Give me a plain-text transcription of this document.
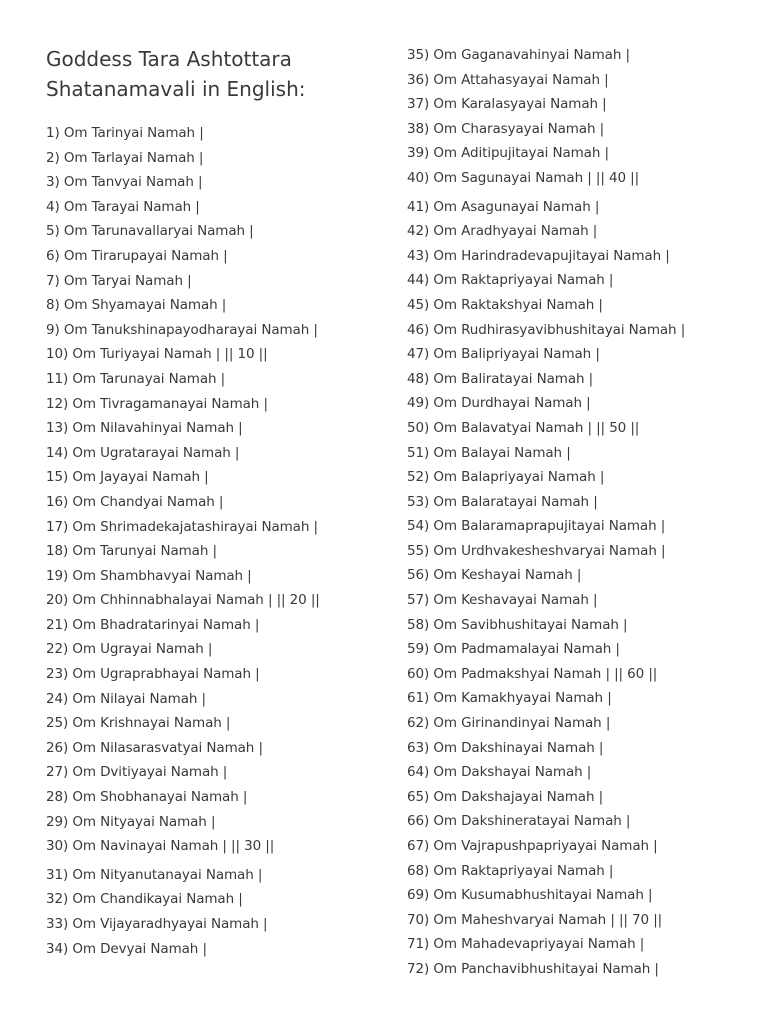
Goddess Tara Ashtottara
Shatanamavali in English:
1) Om Tarinyai Namah |
2) Om Tarlayai Namah |
3) Om Tanvyai Namah |
4) Om Tarayai Namah |
5) Om Tarunavallaryai Namah |
6) Om Tirarupayai Namah |
7) Om Taryai Namah |
8) Om Shyamayai Namah |
9) Om Tanukshinapayodharayai Namah |
10) Om Turiyayai Namah | || 10 ||
11) Om Tarunayai Namah |
12) Om Tivragamanayai Namah |
13) Om Nilavahinyai Namah |
14) Om Ugratarayai Namah |
15) Om Jayayai Namah |
16) Om Chandyai Namah |
17) Om Shrimadekajatashirayai Namah |
18) Om Tarunyai Namah |
19) Om Shambhavyai Namah |
20) Om Chhinnabhalayai Namah | || 20 ||
21) Om Bhadratarinyai Namah |
22) Om Ugrayai Namah |
23) Om Ugraprabhayai Namah |
24) Om Nilayai Namah |
25) Om Krishnayai Namah |
26) Om Nilasarasvatyai Namah |
27) Om Dvitiyayai Namah |
28) Om Shobhanayai Namah |
29) Om Nityayai Namah |
30) Om Navinayai Namah | || 30 ||
31) Om Nityanutanayai Namah |
32) Om Chandikayai Namah |
33) Om Vijayaradhyayai Namah |
34) Om Devyai Namah |
35) Om Gaganavahinyai Namah |
36) Om Attahasyayai Namah |
37) Om Karalasyayai Namah |
38) Om Charasyayai Namah |
39) Om Aditipujitayai Namah |
40) Om Sagunayai Namah | || 40 ||
41) Om Asagunayai Namah |
42) Om Aradhyayai Namah |
43) Om Harindradevapujitayai Namah |
44) Om Raktapriyayai Namah |
45) Om Raktakshyai Namah |
46) Om Rudhirasyavibhushitayai Namah |
47) Om Balipriyayai Namah |
48) Om Baliratayai Namah |
49) Om Durdhayai Namah |
50) Om Balavatyai Namah | || 50 ||
51) Om Balayai Namah |
52) Om Balapriyayai Namah |
53) Om Balaratayai Namah |
54) Om Balaramaprapujitayai Namah |
55) Om Urdhvakesheshvaryai Namah |
56) Om Keshayai Namah |
57) Om Keshavayai Namah |
58) Om Savibhushitayai Namah |
59) Om Padmamalayai Namah |
60) Om Padmakshyai Namah | || 60 ||
61) Om Kamakhyayai Namah |
62) Om Girinandinyai Namah |
63) Om Dakshinayai Namah |
64) Om Dakshayai Namah |
65) Om Dakshajayai Namah |
66) Om Dakshineratayai Namah |
67) Om Vajrapushpapriyayai Namah |
68) Om Raktapriyayai Namah |
69) Om Kusumabhushitayai Namah |
70) Om Maheshvaryai Namah | || 70 ||
71) Om Mahadevapriyayai Namah |
72) Om Panchavibhushitayai Namah |
